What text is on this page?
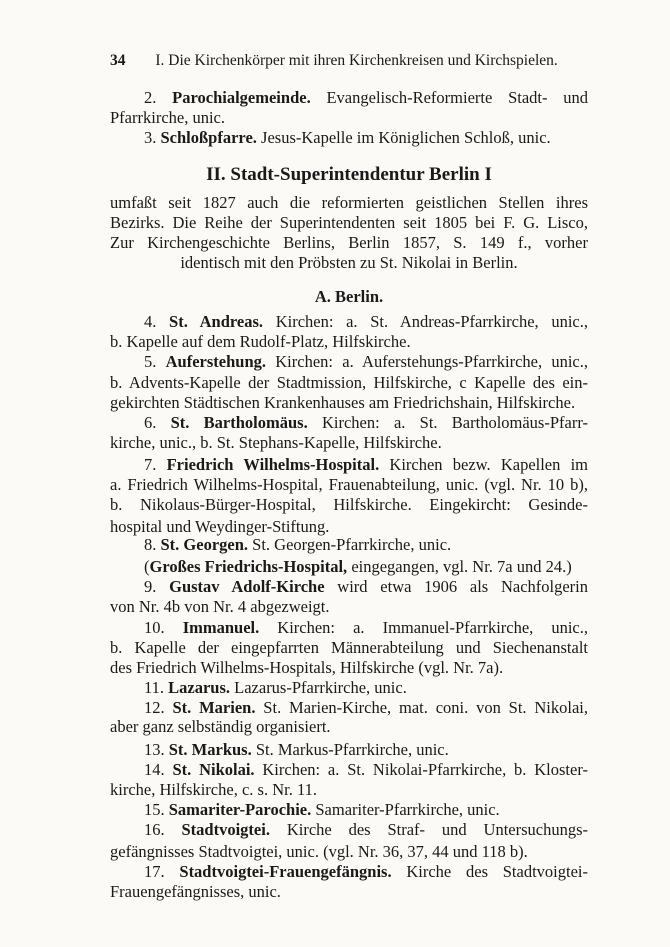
34 I. Die Kirchenkörper mit ihren Kirchenkreisen und Kirchspielen.
2. Parochialgemeinde. Evangelisch-Reformierte Stadt- und
Pfarrkirche, unic.
3. Schloßpfarre. Jesus-Kapelle im Königlichen Schloß, unic.
II. Stadt-Superintendentur Berlin I
umfaßt seit 1827 auch die reformierten geistlichen Stellen ihres
Bezirks. Die Reihe der Superintendenten seit 1805 bei F. G. Lisco,
Zur Kirchengeschichte Berlins, Berlin 1857, S. 149 f., vorher
identisch mit den Pröbsten zu St. Nikolai in Berlin.
A. Berlin.
4. St. Andreas. Kirchen: a. St. Andreas-Pfarrkirche, unic.,
b. Kapelle auf dem Rudolf-Platz, Hilfskirche.
5. Auferstehung. Kirchen: a. Auferstehungs-Pfarrkirche, unic.,
b. Advents-Kapelle der Stadtmission, Hilfskirche, c Kapelle des ein-
gekirchten Städtischen Krankenhauses am Friedrichshain, Hilfskirche.
6. St. Bartholomäus. Kirchen: a. St. Bartholomäus-Pfarr-
kirche, unic., b. St. Stephans-Kapelle, Hilfskirche.
7. Friedrich Wilhelms-Hospital. Kirchen bezw. Kapellen im
a. Friedrich Wilhelms-Hospital, Frauenabteilung, unic. (vgl. Nr. 10 b),
b. Nikolaus-Bürger-Hospital, Hilfskirche. Eingekircht: Gesinde-
hospital und Weydinger-Stiftung.
8. St. Georgen. St. Georgen-Pfarrkirche, unic.
(Großes Friedrichs-Hospital, eingegangen, vgl. Nr. 7a und 24.)
9. Gustav Adolf-Kirche wird etwa 1906 als Nachfolgerin
von Nr. 4b von Nr. 4 abgezweigt.
10. Immanuel. Kirchen: a. Immanuel-Pfarrkirche, unic.,
b. Kapelle der eingepfarrten Männerabteilung und Siechenanstalt
des Friedrich Wilhelms-Hospitals, Hilfskirche (vgl. Nr. 7a).
11. Lazarus. Lazarus-Pfarrkirche, unic.
12. St. Marien. St. Marien-Kirche, mat. coni. von St. Nikolai,
aber ganz selbständig organisiert.
13. St. Markus. St. Markus-Pfarrkirche, unic.
14. St. Nikolai. Kirchen: a. St. Nikolai-Pfarrkirche, b. Kloster-
kirche, Hilfskirche, c. s. Nr. 11.
15. Samariter-Parochie. Samariter-Pfarrkirche, unic.
16. Stadtvoigtei. Kirche des Straf- und Untersuchungs-
gefängnisses Stadtvoigtei, unic. (vgl. Nr. 36, 37, 44 und 118 b).
17. Stadtvoigtei-Frauengefängnis. Kirche des Stadtvoigtei-
Frauengefängnisses, unic.
